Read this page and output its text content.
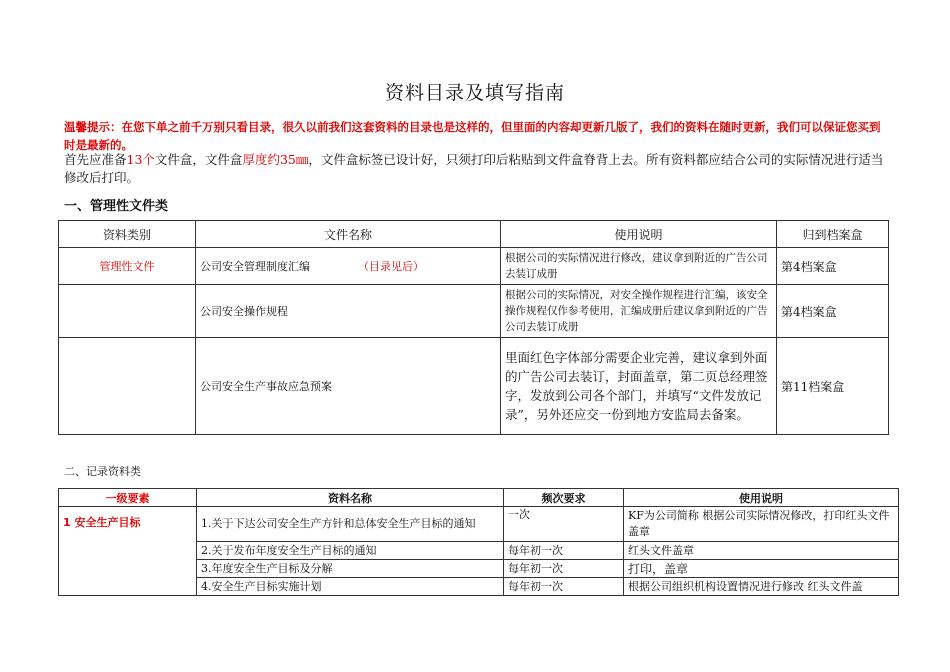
资料目录及填写指南
温馨提示：在您下单之前千万别只看目录，很久以前我们这套资料的目录也是这样的，但里面的内容却更新几版了，我们的资料在随时更新，我们可以保证您买到时是最新的。
首先应准备13个文件盒，文件盒厚度约35㎜，文件盒标签已设计好，只须打印后粘贴到文件盒脊背上去。所有资料都应结合公司的实际情况进行适当修改后打印。
一、管理性文件类
资料类别	文件名称	使用说明	归到档案盒
管理性文件	公司安全管理制度汇编 （目录见后）	根据公司的实际情况进行修改，建议拿到附近的广告公司去装订成册	第4档案盒
	公司安全操作规程	根据公司的实际情况，对安全操作规程进行汇编，该安全操作规程仅作参考使用，汇编成册后建议拿到附近的广告公司去装订成册	第4档案盒
	公司安全生产事故应急预案	里面红色字体部分需要企业完善，建议拿到外面的广告公司去装订，封面盖章，第二页总经理签字，发放到公司各个部门，并填写“文件发放记录”，另外还应交一份到地方安监局去备案。	第11档案盒
二、记录资料类
一级要素	资料名称	频次要求	使用说明
1 安全生产目标	1.关于下达公司安全生产方针和总体安全生产目标的通知	一次	KF为公司简称 根据公司实际情况修改，打印红头文件 盖章
	2.关于发布年度安全生产目标的通知	每年初一次	红头文件盖章
	3.年度安全生产目标及分解	每年初一次	打印，盖章
	4.安全生产目标实施计划	每年初一次	根据公司组织机构设置情况进行修改 红头文件盖
